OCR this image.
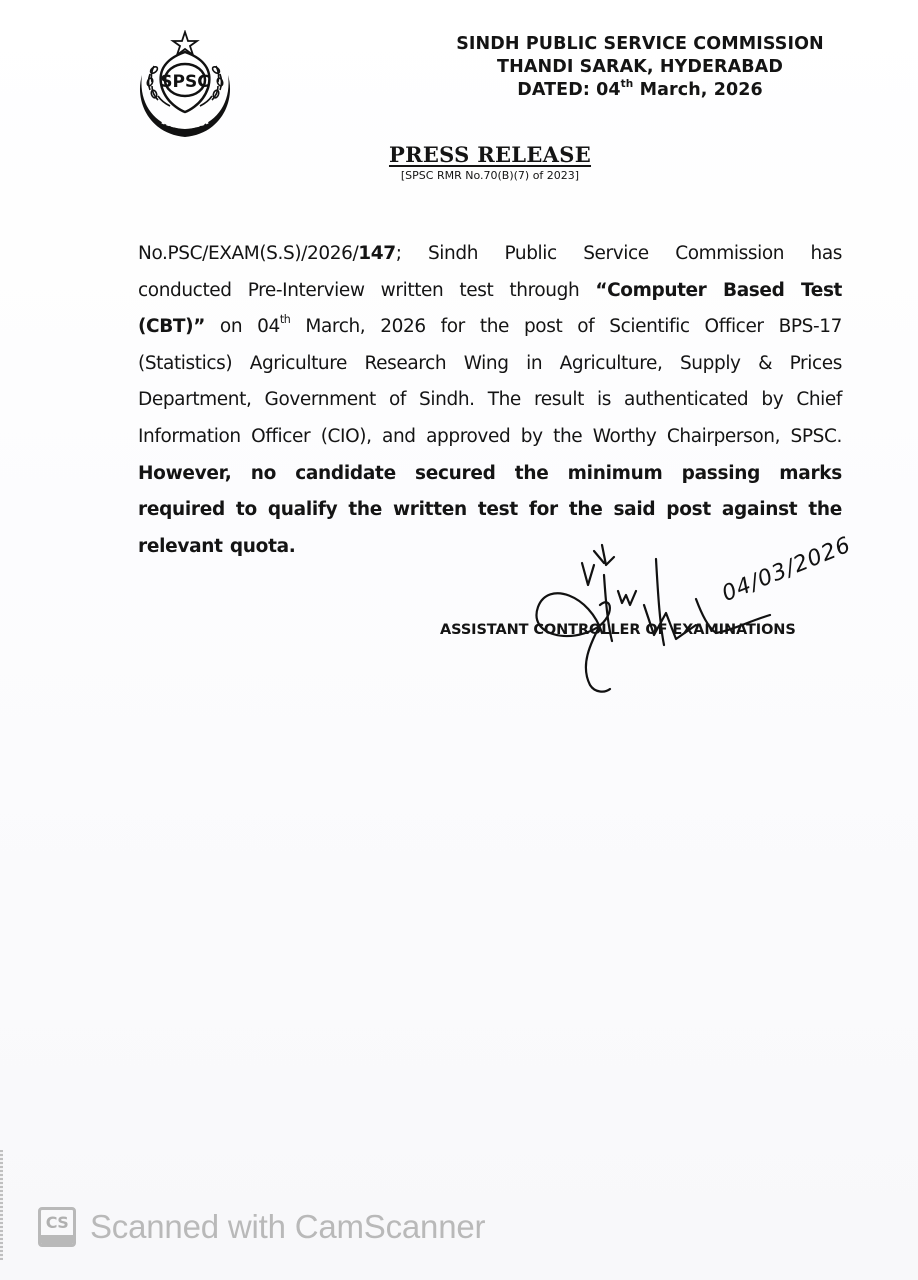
SPSC
SINDH PUBLIC SERVICE COMMISSION
THANDI SARAK, HYDERABAD
DATED: 04th March, 2026
PRESS RELEASE
[SPSC RMR No.70(B)(7) of 2023]
No.PSC/EXAM(S.S)/2026/147; Sindh Public Service Commission has conducted Pre-Interview written test through “Computer Based Test (CBT)” on 04th March, 2026 for the post of Scientific Officer BPS-17 (Statistics) Agriculture Research Wing in Agriculture, Supply & Prices Department, Government of Sindh. The result is authenticated by Chief Information Officer (CIO), and approved by the Worthy Chairperson, SPSC. However, no candidate secured the minimum passing marks required to qualify the written test for the said post against the relevant quota.	04/03/2026
ASSISTANT CONTROLLER OF EXAMINATIONS
CS Scanned with CamScanner
